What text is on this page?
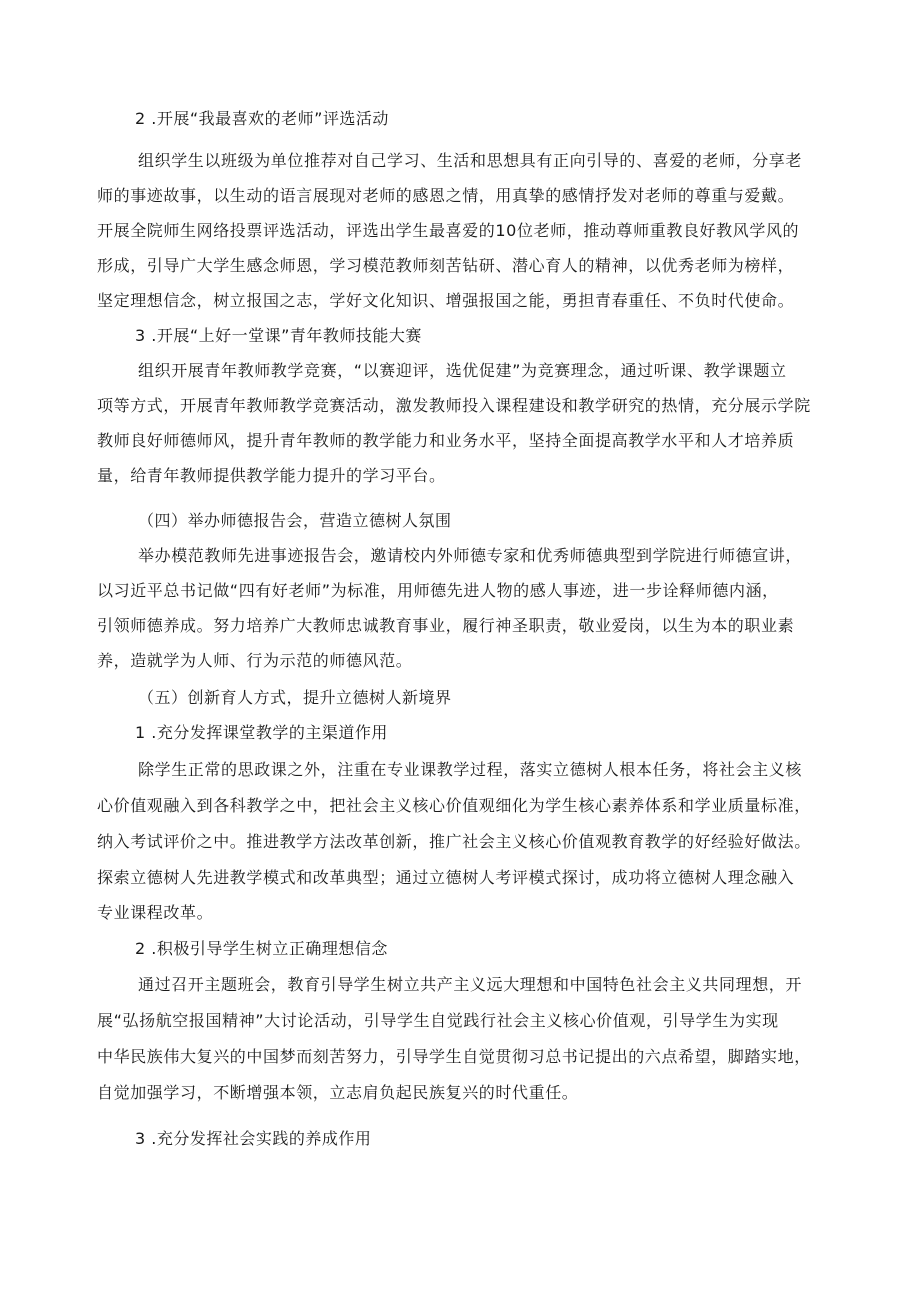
2 .开展“我最喜欢的老师”评选活动
组织学生以班级为单位推荐对自己学习、生活和思想具有正向引导的、喜爱的老师，分享老
师的事迹故事，以生动的语言展现对老师的感恩之情，用真挚的感情抒发对老师的尊重与爱戴。
开展全院师生网络投票评选活动，评选出学生最喜爱的10位老师，推动尊师重教良好教风学风的
形成，引导广大学生感念师恩，学习模范教师刻苦钻研、潜心育人的精神，以优秀老师为榜样，
坚定理想信念，树立报国之志，学好文化知识、增强报国之能，勇担青春重任、不负时代使命。
3 .开展“上好一堂课”青年教师技能大赛
组织开展青年教师教学竞赛，“以赛迎评，选优促建”为竞赛理念，通过听课、教学课题立
项等方式，开展青年教师教学竞赛活动，激发教师投入课程建设和教学研究的热情，充分展示学院
教师良好师德师风，提升青年教师的教学能力和业务水平，坚持全面提高教学水平和人才培养质
量，给青年教师提供教学能力提升的学习平台。
（四）举办师德报告会，营造立德树人氛围
举办模范教师先进事迹报告会，邀请校内外师德专家和优秀师德典型到学院进行师德宣讲，
以习近平总书记做“四有好老师”为标准，用师德先进人物的感人事迹，进一步诠释师德内涵，
引领师德养成。努力培养广大教师忠诚教育事业，履行神圣职责，敬业爱岗，以生为本的职业素
养，造就学为人师、行为示范的师德风范。
（五）创新育人方式，提升立德树人新境界
1 .充分发挥课堂教学的主渠道作用
除学生正常的思政课之外，注重在专业课教学过程，落实立德树人根本任务，将社会主义核
心价值观融入到各科教学之中，把社会主义核心价值观细化为学生核心素养体系和学业质量标准，
纳入考试评价之中。推进教学方法改革创新，推广社会主义核心价值观教育教学的好经验好做法。
探索立德树人先进教学模式和改革典型；通过立德树人考评模式探讨，成功将立德树人理念融入
专业课程改革。
2 .积极引导学生树立正确理想信念
通过召开主题班会，教育引导学生树立共产主义远大理想和中国特色社会主义共同理想，开
展“弘扬航空报国精神”大讨论活动，引导学生自觉践行社会主义核心价值观，引导学生为实现
中华民族伟大复兴的中国梦而刻苦努力，引导学生自觉贯彻习总书记提出的六点希望，脚踏实地，
自觉加强学习，不断增强本领，立志肩负起民族复兴的时代重任。
3 .充分发挥社会实践的养成作用
